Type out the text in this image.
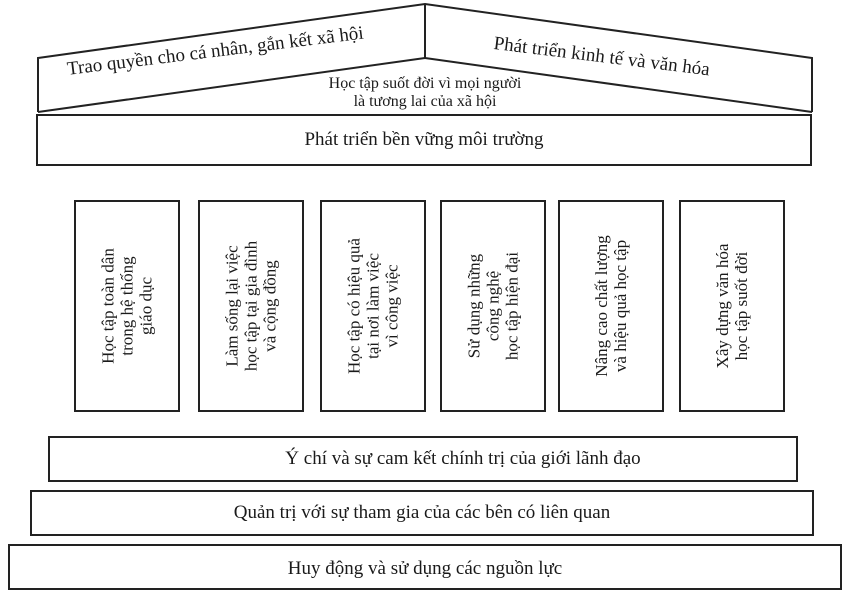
Trao quyền cho cá nhân, gắn kết xã hội	Phát triển kinh tế và văn hóa
Học tập suốt đời vì mọi người
là tương lai của xã hội
Phát triển bền vững môi trường
Học tập toàn dân trong hệ thống giáo dục	Làm sống lại việc học tập tại gia đình và cộng đồng	Học tập có hiệu quả tại nơi làm việc vì công việc	Sử dụng những công nghệ học tập hiện đại	Nâng cao chất lượng và hiệu quả học tập	Xây dựng văn hóa học tập suốt đời
Ý chí và sự cam kết chính trị của giới lãnh đạo
Quản trị với sự tham gia của các bên có liên quan
Huy động và sử dụng các nguồn lực
